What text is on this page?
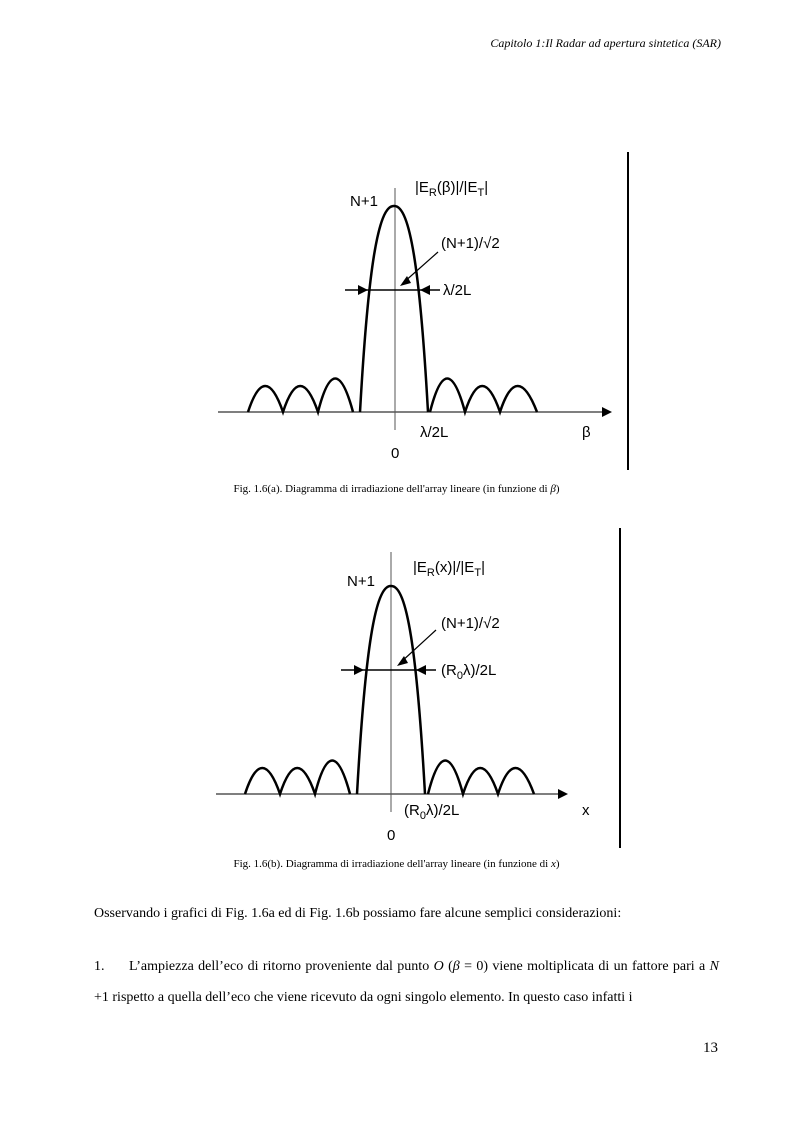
Capitolo 1:Il Radar ad apertura sintetica (SAR)
N+1
$|E_R(\beta)|/|E_T|$
(N+1)/√2
λ/2L
λ/2L	β
0
Fig. 1.6(a). Diagramma di irradiazione dell'array lineare (in funzione di β)
N+1
$|E_R(x)|/|E_T|$
(N+1)/√2
$(R_0\lambda)/2L$
$(R_0\lambda)/2L$	x
0
Fig. 1.6(b). Diagramma di irradiazione dell'array lineare (in funzione di x)
Osservando i grafici di Fig. 1.6a ed di Fig. 1.6b possiamo fare alcune semplici considerazioni:
1. L’ampiezza dell’eco di ritorno proveniente dal punto O (β = 0) viene moltiplicata di un fattore pari a N +1 rispetto a quella dell’eco che viene ricevuto da ogni singolo elemento. In questo caso infatti i
13
